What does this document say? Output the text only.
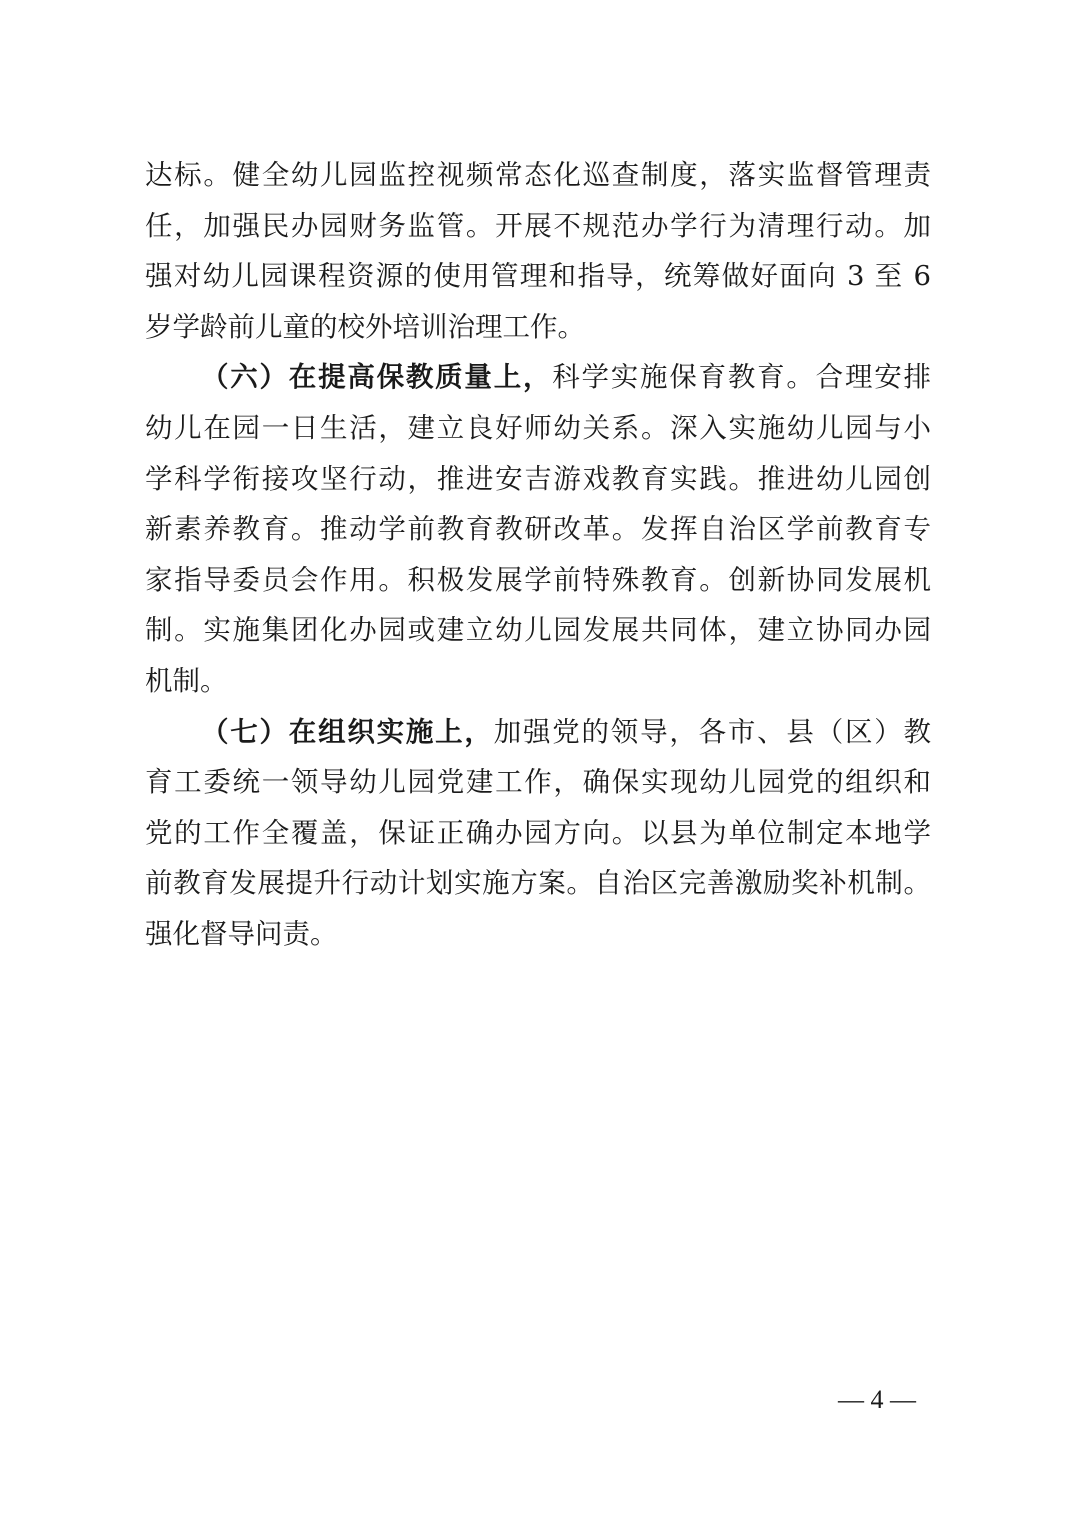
达标。健全幼儿园监控视频常态化巡查制度，落实监督管理责
任，加强民办园财务监管。开展不规范办学行为清理行动。加
强对幼儿园课程资源的使用管理和指导，统筹做好面向 3 至 6
岁学龄前儿童的校外培训治理工作。
（六）在提高保教质量上，科学实施保育教育。合理安排
幼儿在园一日生活，建立良好师幼关系。深入实施幼儿园与小
学科学衔接攻坚行动，推进安吉游戏教育实践。推进幼儿园创
新素养教育。推动学前教育教研改革。发挥自治区学前教育专
家指导委员会作用。积极发展学前特殊教育。创新协同发展机
制。实施集团化办园或建立幼儿园发展共同体，建立协同办园
机制。
（七）在组织实施上，加强党的领导，各市、县（区）教
育工委统一领导幼儿园党建工作，确保实现幼儿园党的组织和
党的工作全覆盖，保证正确办园方向。以县为单位制定本地学
前教育发展提升行动计划实施方案。自治区完善激励奖补机制。
强化督导问责。
— 4 —
